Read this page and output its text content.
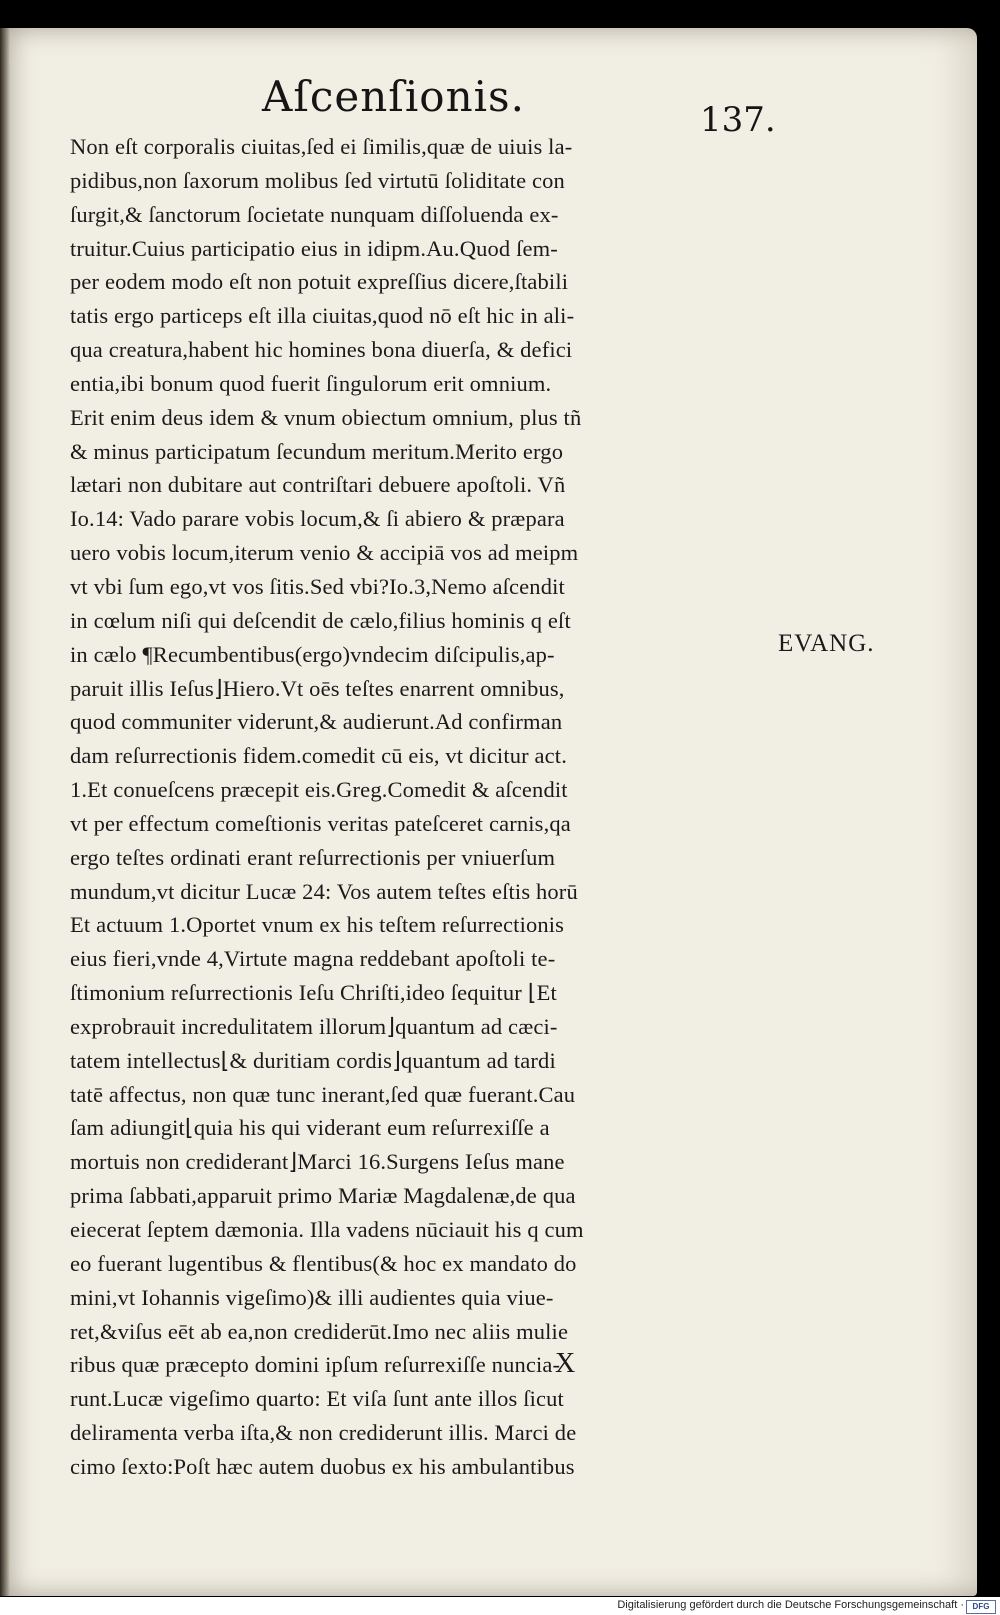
Aſcenſionis.	137.
Non eſt corporalis ciuitas,ſed ei ſimilis,quæ de uiuis la-
pidibus,non ſaxorum molibus ſed virtutū ſoliditate con
ſurgit,& ſanctorum ſocietate nunquam diſſoluenda ex-
truitur.Cuius participatio eius in idipm.Au.Quod ſem-
per eodem modo eſt non potuit expreſſius dicere,ſtabili
tatis ergo particeps eſt illa ciuitas,quod nō eſt hic in ali-
qua creatura,habent hic homines bona diuerſa, & defici
entia,ibi bonum quod fuerit ſingulorum erit omnium.
Erit enim deus idem & vnum obiectum omnium, plus tñ
& minus participatum ſecundum meritum.Merito ergo
lætari non dubitare aut contriſtari debuere apoſtoli. Vñ
Io.14: Vado parare vobis locum,& ſi abiero & præpara
uero vobis locum,iterum venio & accipiā vos ad meipm
vt vbi ſum ego,vt vos ſitis.Sed vbi?Io.3,Nemo aſcendit
in cœlum niſi qui deſcendit de cælo,filius hominis q eſt
in cælo ¶Recumbentibus(ergo)vndecim diſcipulis,ap-
paruit illis Ieſus⌋Hiero.Vt oēs teſtes enarrent omnibus,
quod communiter viderunt,& audierunt.Ad confirman
dam reſurrectionis fidem.comedit cū eis, vt dicitur act.
1.Et conueſcens præcepit eis.Greg.Comedit & aſcendit
vt per effectum comeſtionis veritas pateſceret carnis,qa
ergo teſtes ordinati erant reſurrectionis per vniuerſum
mundum,vt dicitur Lucæ 24: Vos autem teſtes eſtis horū
Et actuum 1.Oportet vnum ex his teſtem reſurrectionis
eius fieri,vnde 4,Virtute magna reddebant apoſtoli te-
ſtimonium reſurrectionis Ieſu Chriſti,ideo ſequitur ⌊Et
exprobrauit incredulitatem illorum⌋quantum ad cæci-
tatem intellectus⌊& duritiam cordis⌋quantum ad tardi
tatē affectus, non quæ tunc inerant,ſed quæ fuerant.Cau
ſam adiungit⌊quia his qui viderant eum reſurrexiſſe a
mortuis non crediderant⌋Marci 16.Surgens Ieſus mane
prima ſabbati,apparuit primo Mariæ Magdalenæ,de qua
eiecerat ſeptem dæmonia. Illa vadens nūciauit his q cum
eo fuerant lugentibus & flentibus(& hoc ex mandato do
mini,vt Iohannis vigeſimo)& illi audientes quia viue-
ret,&viſus eēt ab ea,non crediderūt.Imo nec aliis mulie
ribus quæ præcepto domini ipſum reſurrexiſſe nuncia-
runt.Lucæ vigeſimo quarto: Et viſa ſunt ante illos ſicut
deliramenta verba iſta,& non crediderunt illis. Marci de
cimo ſexto:Poſt hæc autem duobus ex his ambulantibus
EVANG.
X
Digitalisierung gefördert durch die Deutsche Forschungsgemeinschaft ·	DFG
